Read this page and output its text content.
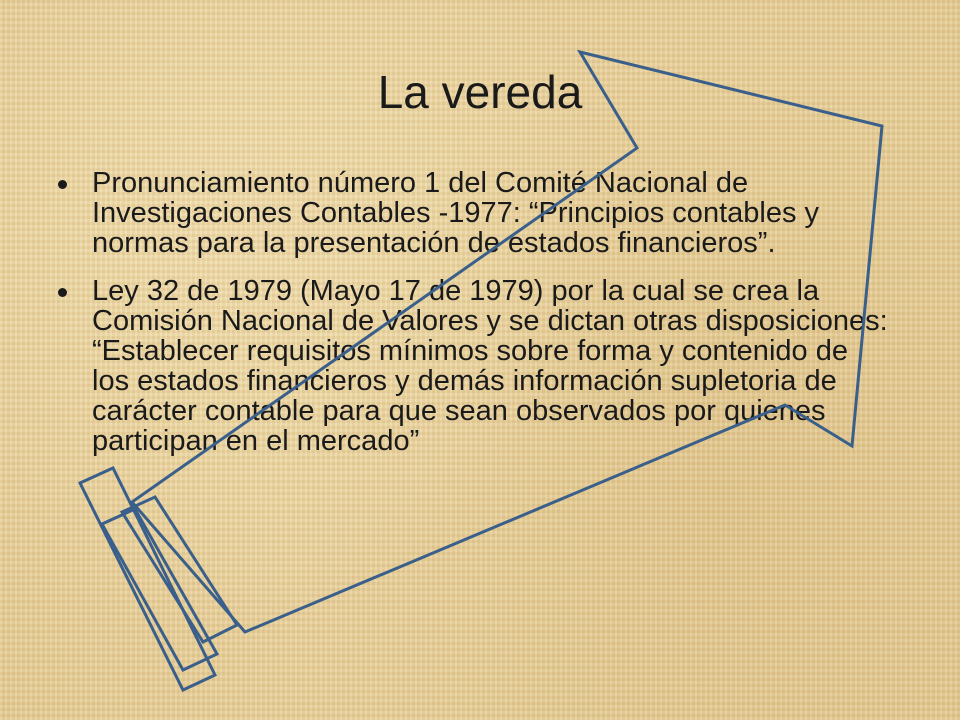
La vereda
Pronunciamiento número 1 del Comité Nacional de Investigaciones Contables -1977: “Principios contables y normas para la presentación de estados financieros”.
Ley 32 de 1979 (Mayo 17 de 1979) por la cual se crea la Comisión Nacional de Valores y se dictan otras disposiciones: “Establecer requisitos mínimos sobre forma y contenido de los estados financieros y demás información supletoria de carácter contable para que sean observados por quienes participan en el mercado”
